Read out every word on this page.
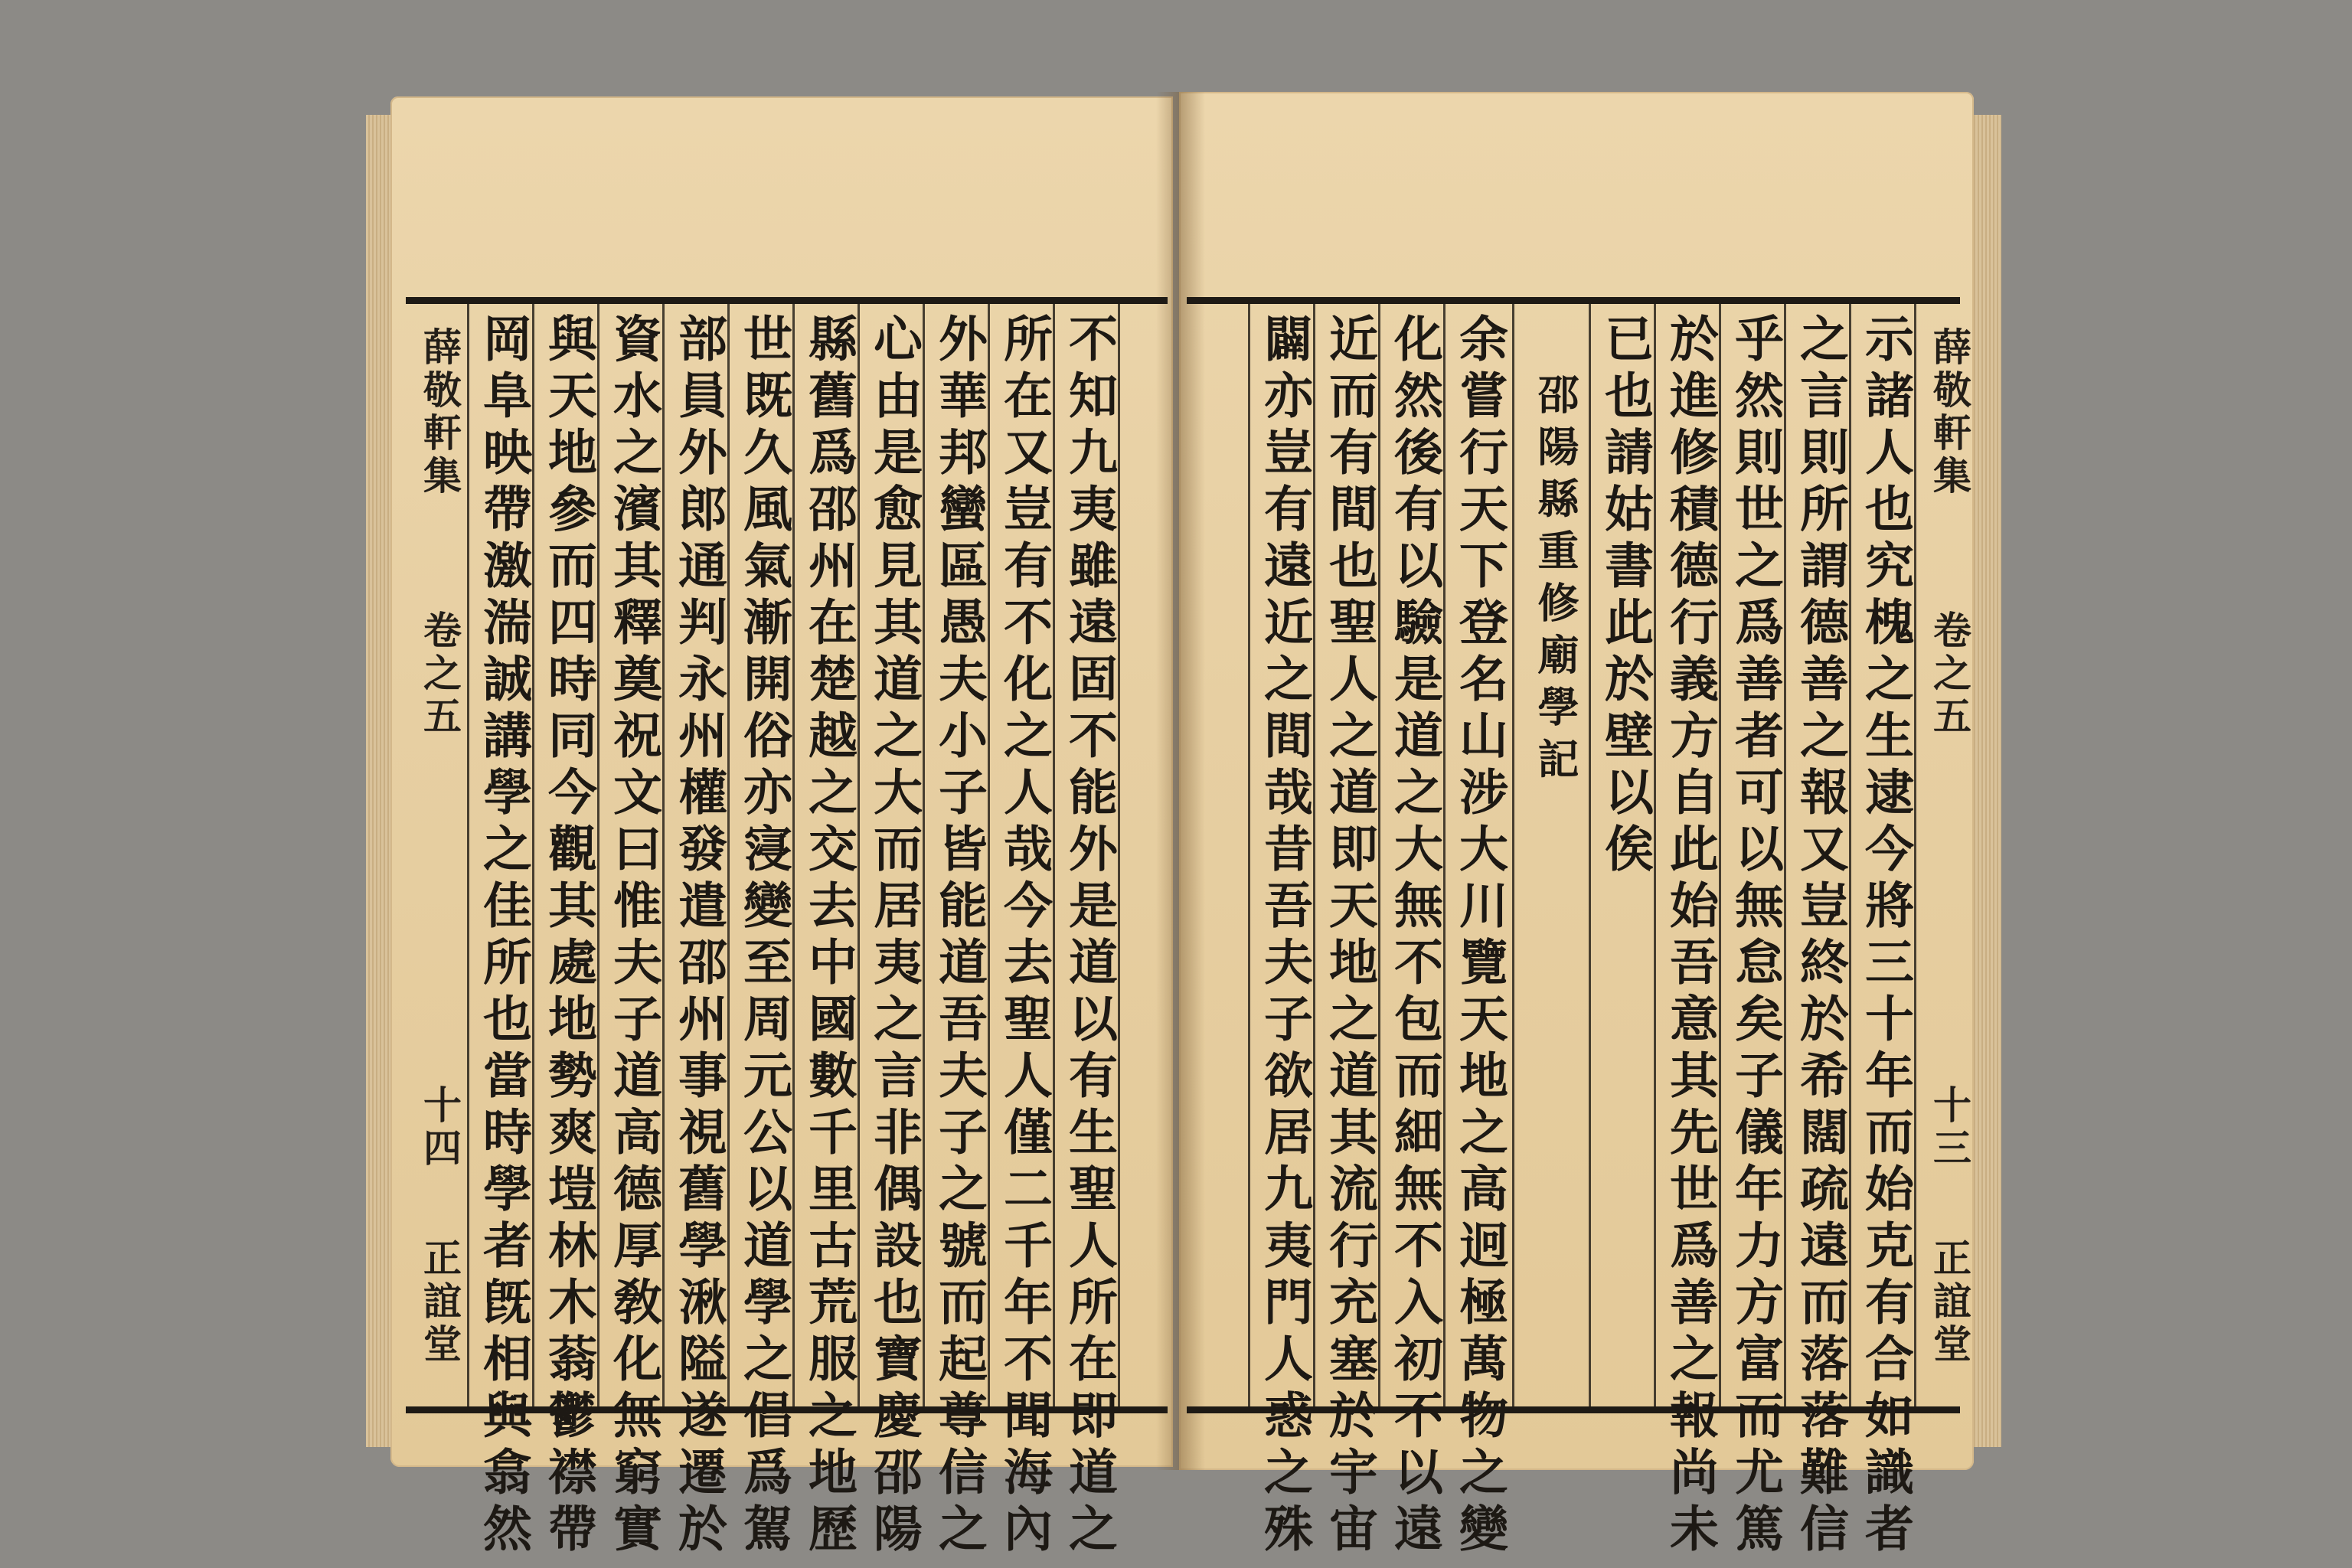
不知九夷雖遠固不能外是道以有生聖人所在即道之
所在又豈有不化之人哉今去聖人僅二千年不聞海內
外華邦蠻區愚夫小子皆能道吾夫子之號而起尊信之
心由是愈見其道之大而居夷之言非偶設也寶慶邵陽
縣舊爲邵州在楚越之交去中國數千里古荒服之地歷
世既久風氣漸開俗亦寖變至周元公以道學之倡爲駕
部員外郎通判永州權發遣邵州事視舊學湫隘遂遷於
資水之濱其釋奠祝文曰惟夫子道高德厚敎化無窮實
與天地參而四時同今觀其處地勢爽塏林木蓊鬱襟帶
岡阜映帶激湍誠講學之佳所也當時學者旣相與翕然
薛敬軒集
卷之五
十四
正誼堂	示諸人也究槐之生逮今將三十年而始克有合如識者
之言則所謂德善之報又豈終於希闊疏遠而落落難信
乎然則世之爲善者可以無怠矣子儀年力方富而尤篤
於進修積德行義方自此始吾意其先世爲善之報尚未
已也請姑書此於壁以俟
邵陽縣重修廟學記
余嘗行天下登名山涉大川覽天地之高迥極萬物之變
化然後有以驗是道之大無不包而細無不入初不以遠
近而有間也聖人之道即天地之道其流行充塞於宇宙
闢亦豈有遠近之間哉昔吾夫子欲居九夷門人惑之殊	薛敬軒集
卷之五
十三
正誼堂
